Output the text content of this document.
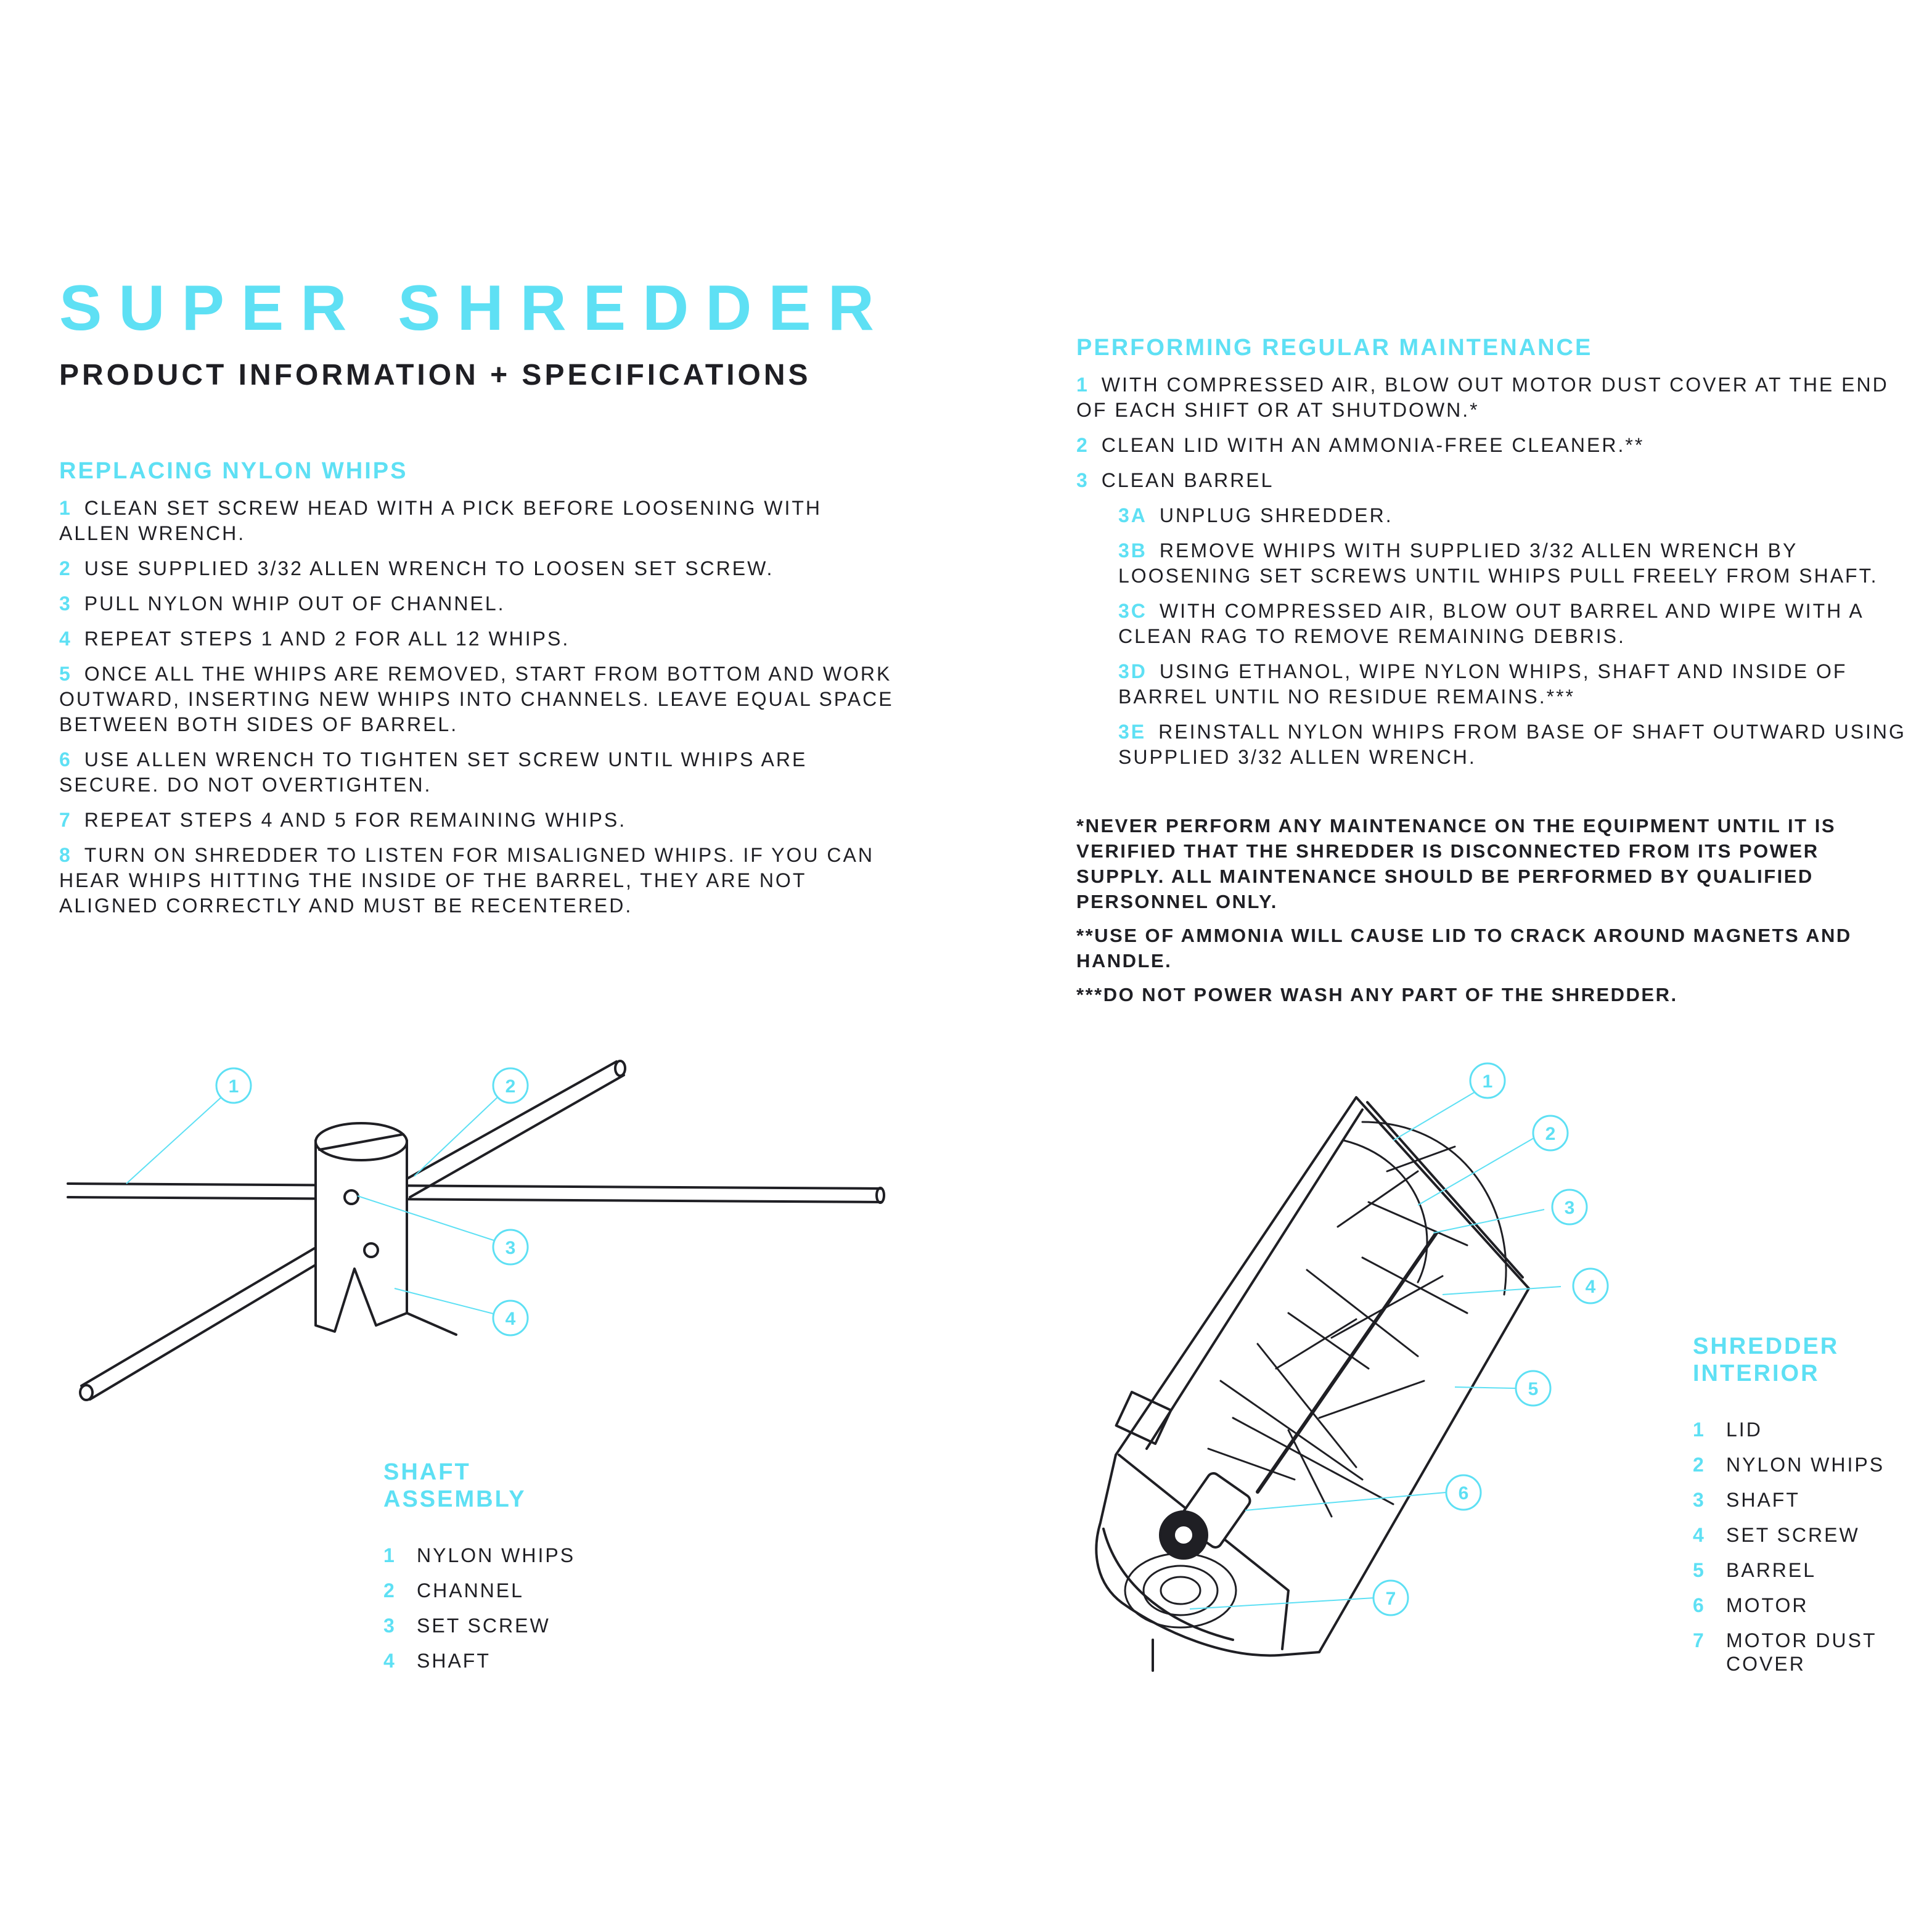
SUPER SHREDDER
PRODUCT INFORMATION + SPECIFICATIONS
REPLACING NYLON WHIPS
1 CLEAN SET SCREW HEAD WITH A PICK BEFORE LOOSENING WITH ALLEN WRENCH.
2 USE SUPPLIED 3/32 ALLEN WRENCH TO LOOSEN SET SCREW.
3 PULL NYLON WHIP OUT OF CHANNEL.
4 REPEAT STEPS 1 AND 2 FOR ALL 12 WHIPS.
5 ONCE ALL THE WHIPS ARE REMOVED, START FROM BOTTOM AND WORK OUTWARD, INSERTING NEW WHIPS INTO CHANNELS. LEAVE EQUAL SPACE BETWEEN BOTH SIDES OF BARREL.
6 USE ALLEN WRENCH TO TIGHTEN SET SCREW UNTIL WHIPS ARE SECURE. DO NOT OVERTIGHTEN.
7 REPEAT STEPS 4 AND 5 FOR REMAINING WHIPS.
8 TURN ON SHREDDER TO LISTEN FOR MISALIGNED WHIPS. IF YOU CAN HEAR WHIPS HITTING THE INSIDE OF THE BARREL, THEY ARE NOT ALIGNED CORRECTLY AND MUST BE RECENTERED.
PERFORMING REGULAR MAINTENANCE
1 WITH COMPRESSED AIR, BLOW OUT MOTOR DUST COVER AT THE END OF EACH SHIFT OR AT SHUTDOWN.*
2 CLEAN LID WITH AN AMMONIA-FREE CLEANER.**
3 CLEAN BARREL
3A UNPLUG SHREDDER.
3B REMOVE WHIPS WITH SUPPLIED 3/32 ALLEN WRENCH BY LOOSENING SET SCREWS UNTIL WHIPS PULL FREELY FROM SHAFT.
3C WITH COMPRESSED AIR, BLOW OUT BARREL AND WIPE WITH A CLEAN RAG TO REMOVE REMAINING DEBRIS.
3D USING ETHANOL, WIPE NYLON WHIPS, SHAFT AND INSIDE OF BARREL UNTIL NO RESIDUE REMAINS.***
3E REINSTALL NYLON WHIPS FROM BASE OF SHAFT OUTWARD USING SUPPLIED 3/32 ALLEN WRENCH.

*NEVER PERFORM ANY MAINTENANCE ON THE EQUIPMENT UNTIL IT IS VERIFIED THAT THE SHREDDER IS DISCONNECTED FROM ITS POWER SUPPLY. ALL MAINTENANCE SHOULD BE PERFORMED BY QUALIFIED PERSONNEL ONLY.

**USE OF AMMONIA WILL CAUSE LID TO CRACK AROUND MAGNETS AND HANDLE.

***DO NOT POWER WASH ANY PART OF THE SHREDDER.

1	2
3
4
SHAFT
ASSEMBLY
1	NYLON WHIPS
2	CHANNEL
3	SET SCREW
4	SHAFT
1
2
3
4
5
6
7
SHREDDER
INTERIOR
1	LID
2	NYLON WHIPS
3	SHAFT
4	SET SCREW
5	BARREL
6	MOTOR
7	MOTOR DUST COVER
